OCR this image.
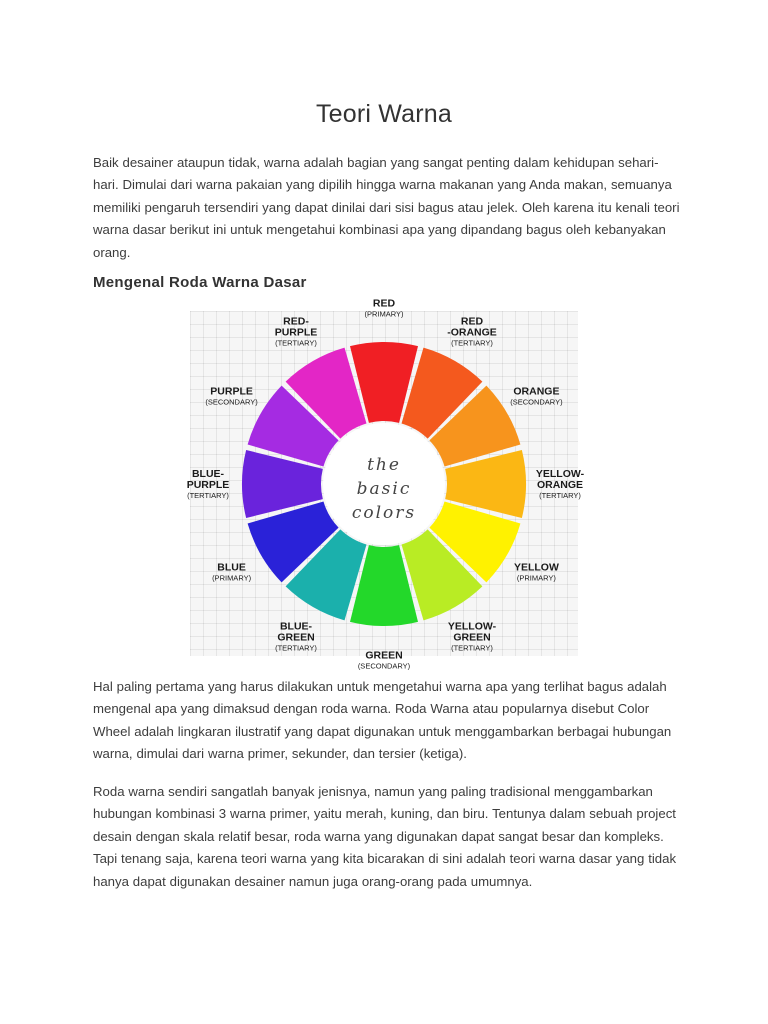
Teori Warna

Baik desainer ataupun tidak, warna adalah bagian yang sangat penting dalam kehidupan sehari-hari. Dimulai dari warna pakaian yang dipilih hingga warna makanan yang Anda makan, semuanya memiliki pengaruh tersendiri yang dapat dinilai dari sisi bagus atau jelek. Oleh karena itu kenali teori warna dasar berikut ini untuk mengetahui kombinasi apa yang dipandang bagus oleh kebanyakan orang.

Mengenal Roda Warna Dasar
RED
(PRIMARY)
RED
-ORANGE
(TERTIARY)
ORANGE
(SECONDARY)
YELLOW-
ORANGE
(TERTIARY)
YELLOW
(PRIMARY)
YELLOW-
GREEN
(TERTIARY)
GREEN
(SECONDARY)
BLUE-
GREEN
(TERTIARY)
BLUE
(PRIMARY)
BLUE-
PURPLE
(TERTIARY)
PURPLE
(SECONDARY)
RED-
PURPLE
(TERTIARY)
the
basic
colors

Hal paling pertama yang harus dilakukan untuk mengetahui warna apa yang terlihat bagus adalah mengenal apa yang dimaksud dengan roda warna. Roda Warna atau popularnya disebut Color Wheel adalah lingkaran ilustratif yang dapat digunakan untuk menggambarkan berbagai hubungan warna, dimulai dari warna primer, sekunder, dan tersier (ketiga).

Roda warna sendiri sangatlah banyak jenisnya, namun yang paling tradisional menggambarkan hubungan kombinasi 3 warna primer, yaitu merah, kuning, dan biru. Tentunya dalam sebuah project desain dengan skala relatif besar, roda warna yang digunakan dapat sangat besar dan kompleks. Tapi tenang saja, karena teori warna yang kita bicarakan di sini adalah teori warna dasar yang tidak hanya dapat digunakan desainer namun juga orang-orang pada umumnya.
